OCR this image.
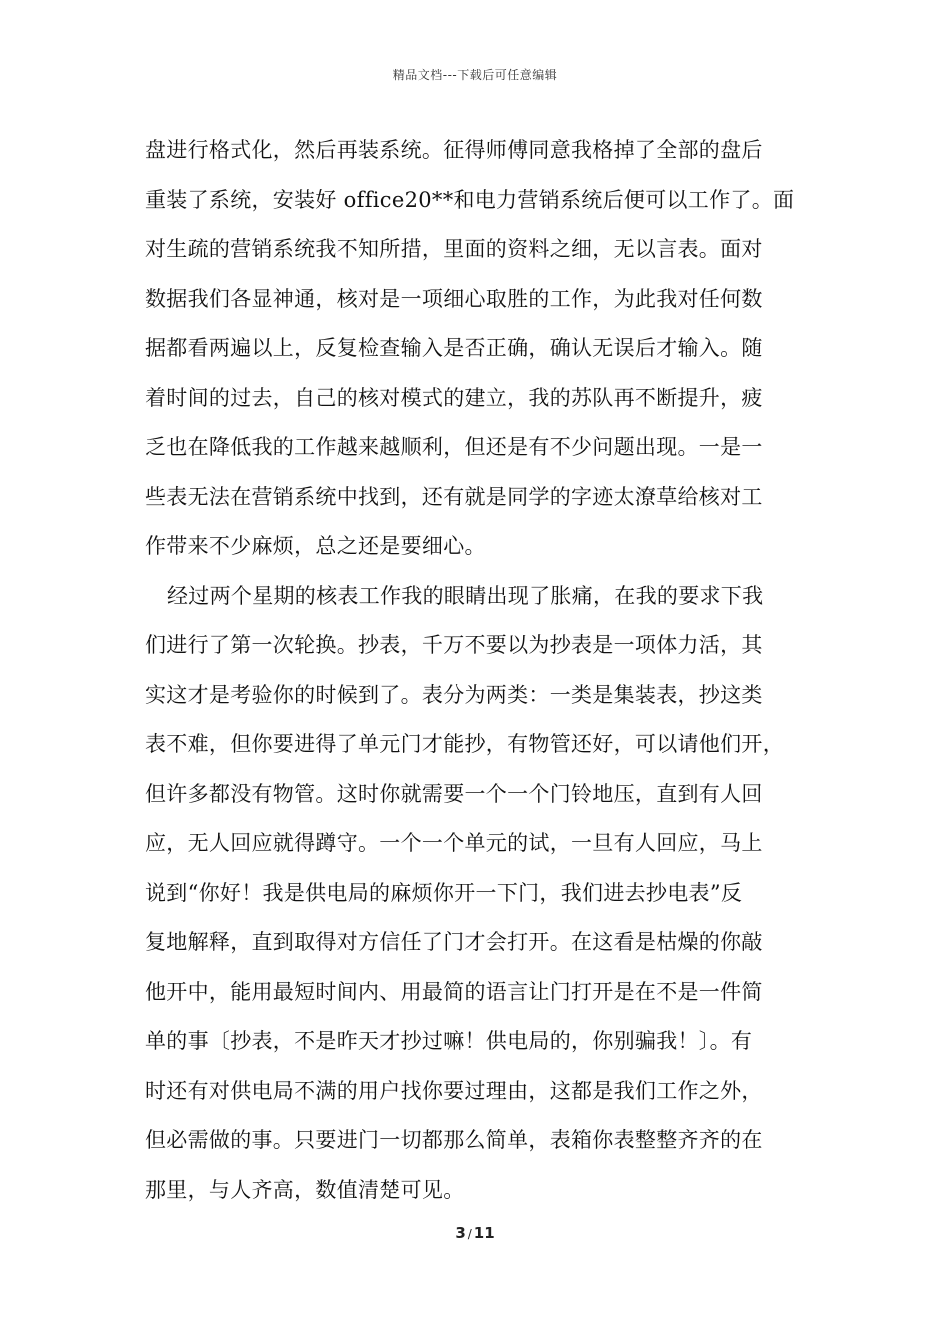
精品文档---下载后可任意编辑
盘进行格式化，然后再装系统。征得师傅同意我格掉了全部的盘后
重装了系统，安装好 office20**和电力营销系统后便可以工作了。面
对生疏的营销系统我不知所措，里面的资料之细，无以言表。面对
数据我们各显神通，核对是一项细心取胜的工作，为此我对任何数
据都看两遍以上，反复检查输入是否正确，确认无误后才输入。随
着时间的过去，自己的核对模式的建立，我的苏队再不断提升，疲
乏也在降低我的工作越来越顺利，但还是有不少问题出现。一是一
些表无法在营销系统中找到，还有就是同学的字迹太潦草给核对工
作带来不少麻烦，总之还是要细心。
经过两个星期的核表工作我的眼睛出现了胀痛，在我的要求下我
们进行了第一次轮换。抄表，千万不要以为抄表是一项体力活，其
实这才是考验你的时候到了。表分为两类：一类是集装表，抄这类
表不难，但你要进得了单元门才能抄，有物管还好，可以请他们开，
但许多都没有物管。这时你就需要一个一个门铃地压，直到有人回
应，无人回应就得蹲守。一个一个单元的试，一旦有人回应，马上
说到“你好！我是供电局的麻烦你开一下门，我们进去抄电表”反
复地解释，直到取得对方信任了门才会打开。在这看是枯燥的你敲
他开中，能用最短时间内、用最简的语言让门打开是在不是一件简
单的事〔抄表，不是昨天才抄过嘛！供电局的，你别骗我！〕。有
时还有对供电局不满的用户找你要过理由，这都是我们工作之外，
但必需做的事。只要进门一切都那么简单，表箱你表整整齐齐的在
那里，与人齐高，数值清楚可见。
3 / 11
